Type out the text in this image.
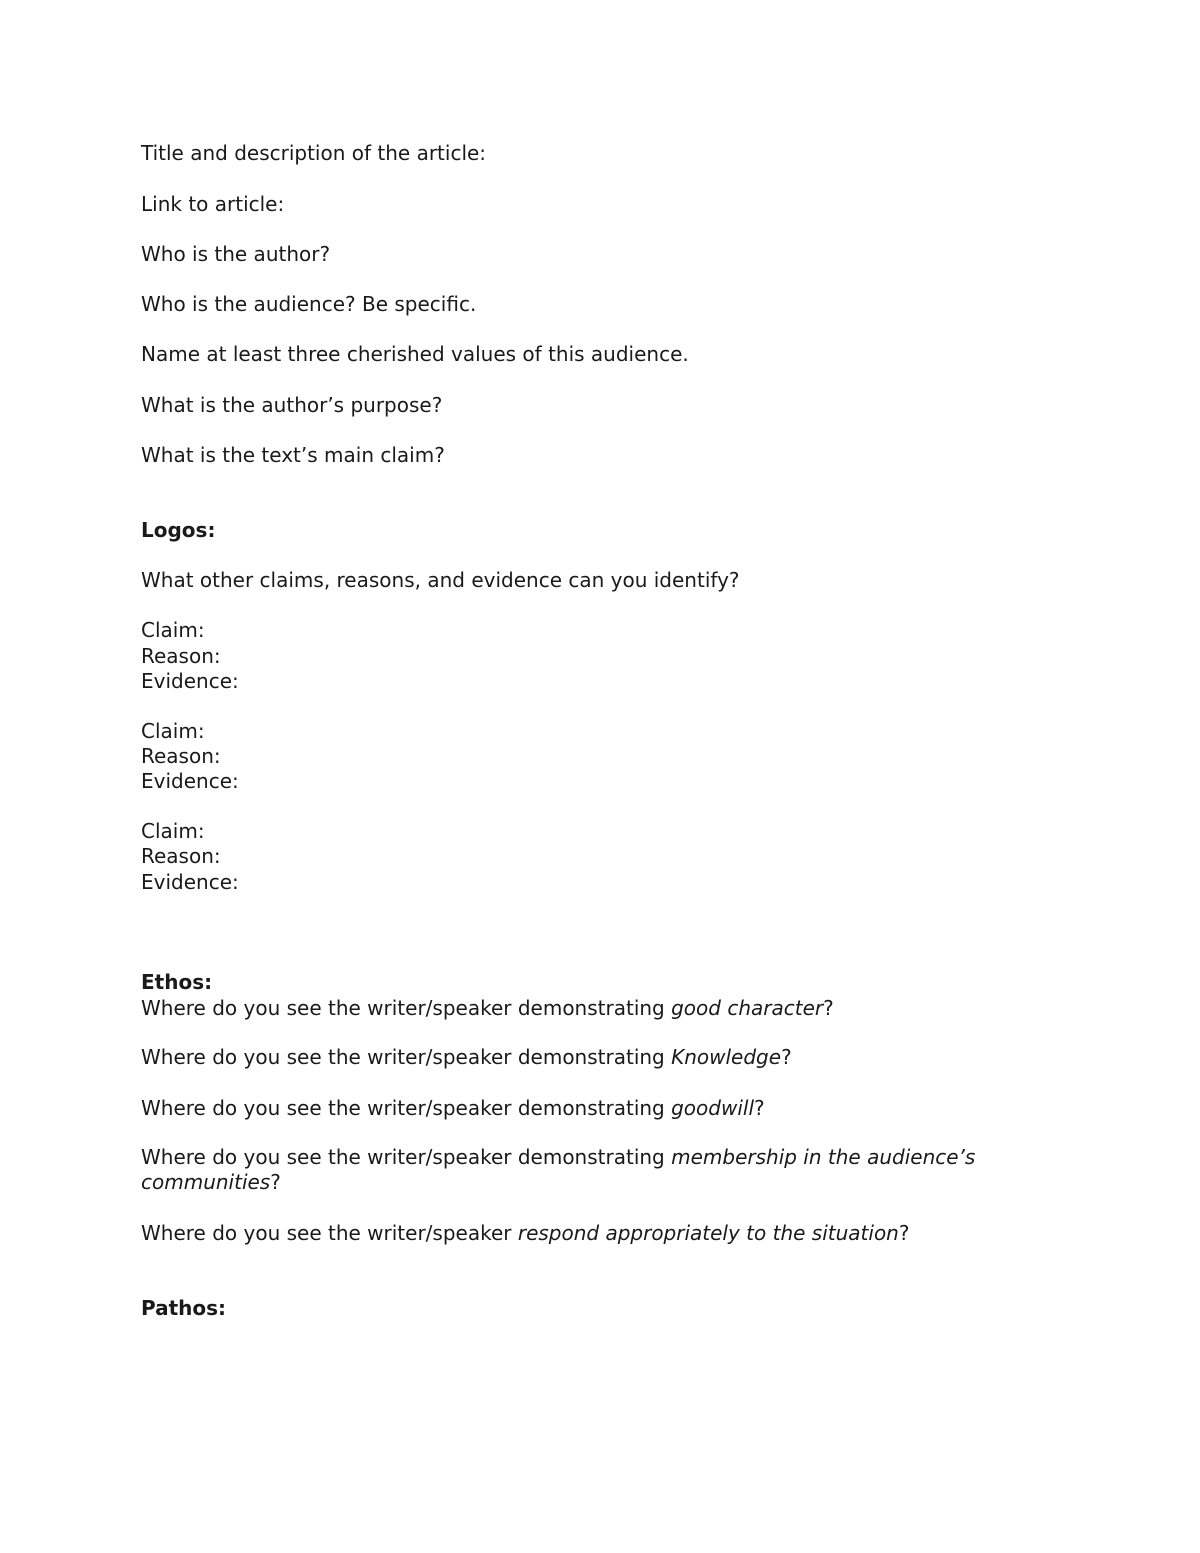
Title and description of the article:
Link to article:
Who is the author?
Who is the audience? Be specific.
Name at least three cherished values of this audience.
What is the author’s purpose?
What is the text’s main claim?
Logos:
What other claims, reasons, and evidence can you identify?
Claim:
Reason:
Evidence:
Claim:
Reason:
Evidence:
Claim:
Reason:
Evidence:
Ethos:
Where do you see the writer/speaker demonstrating good character?
Where do you see the writer/speaker demonstrating Knowledge?
Where do you see the writer/speaker demonstrating goodwill?
Where do you see the writer/speaker demonstrating membership in the audience’s
communities?
Where do you see the writer/speaker respond appropriately to the situation?
Pathos:
